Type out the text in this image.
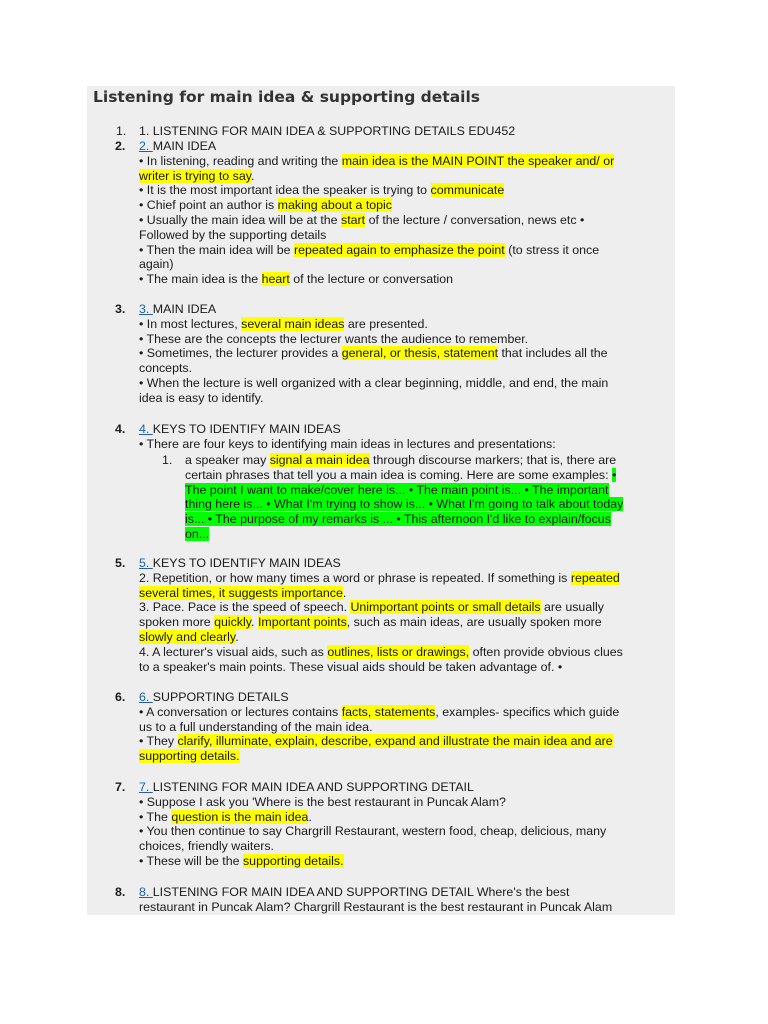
Listening for main idea & supporting details
1. 1. LISTENING FOR MAIN IDEA & SUPPORTING DETAILS EDU452
2. 2. MAIN IDEA
• In listening, reading and writing the main idea is the MAIN POINT the speaker and/ or
writer is trying to say.
• It is the most important idea the speaker is trying to communicate
• Chief point an author is making about a topic
• Usually the main idea will be at the start of the lecture / conversation, news etc •
Followed by the supporting details
• Then the main idea will be repeated again to emphasize the point (to stress it once
again)
• The main idea is the heart of the lecture or conversation
3. 3. MAIN IDEA
• In most lectures, several main ideas are presented.
• These are the concepts the lecturer wants the audience to remember.
• Sometimes, the lecturer provides a general, or thesis, statement that includes all the
concepts.
• When the lecture is well organized with a clear beginning, middle, and end, the main
idea is easy to identify.
4. 4. KEYS TO IDENTIFY MAIN IDEAS
• There are four keys to identifying main ideas in lectures and presentations:
1. a speaker may signal a main idea through discourse markers; that is, there are
certain phrases that tell you a main idea is coming. Here are some examples: •
The point I want to make/cover here is... • The main point is... • The important
thing here is... • What I'm trying to show is... • What I'm going to talk about today
is... • The purpose of my remarks is ... • This afternoon I'd like to explain/focus
on...
5. 5. KEYS TO IDENTIFY MAIN IDEAS
2. Repetition, or how many times a word or phrase is repeated. If something is repeated
several times, it suggests importance.
3. Pace. Pace is the speed of speech. Unimportant points or small details are usually
spoken more quickly. Important points, such as main ideas, are usually spoken more
slowly and clearly.
4. A lecturer's visual aids, such as outlines, lists or drawings, often provide obvious clues
to a speaker's main points. These visual aids should be taken advantage of. •
6. 6. SUPPORTING DETAILS
• A conversation or lectures contains facts, statements, examples- specifics which guide
us to a full understanding of the main idea.
• They clarify, illuminate, explain, describe, expand and illustrate the main idea and are
supporting details.
7. 7. LISTENING FOR MAIN IDEA AND SUPPORTING DETAIL
• Suppose I ask you 'Where is the best restaurant in Puncak Alam?
• The question is the main idea.
• You then continue to say Chargrill Restaurant, western food, cheap, delicious, many
choices, friendly waiters.
• These will be the supporting details.
8. 8. LISTENING FOR MAIN IDEA AND SUPPORTING DETAIL Where's the best
restaurant in Puncak Alam? Chargrill Restaurant is the best restaurant in Puncak Alam
